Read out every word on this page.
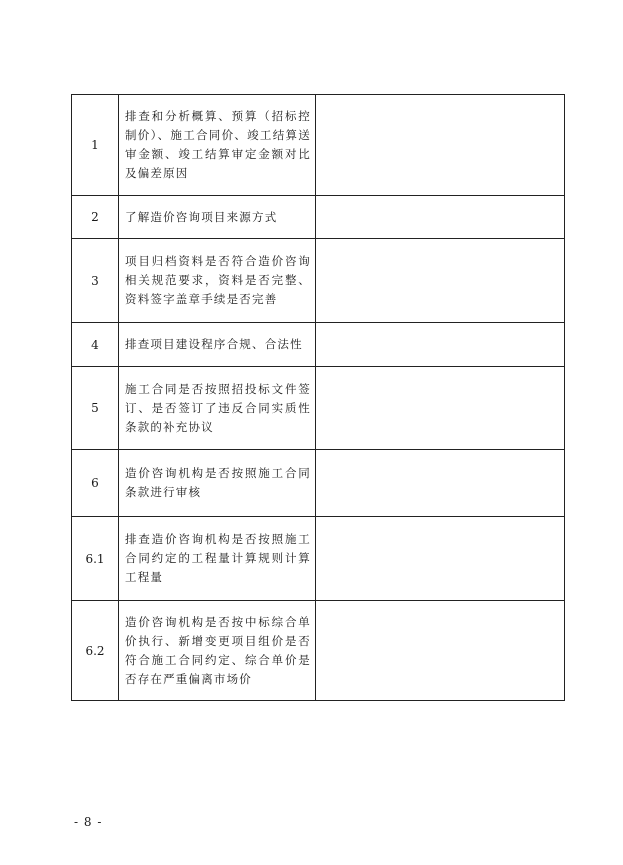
1	排查和分析概算、预算（招标控制价）、施工合同价、竣工结算送审金额、竣工结算审定金额对比及偏差原因	
2	了解造价咨询项目来源方式	
3	项目归档资料是否符合造价咨询相关规范要求，资料是否完整、资料签字盖章手续是否完善	
4	排查项目建设程序合规、合法性	
5	施工合同是否按照招投标文件签订、是否签订了违反合同实质性条款的补充协议	
6	造价咨询机构是否按照施工合同条款进行审核	
6.1	排查造价咨询机构是否按照施工合同约定的工程量计算规则计算工程量	
6.2	造价咨询机构是否按中标综合单价执行、新增变更项目组价是否符合施工合同约定、综合单价是否存在严重偏离市场价	
- 8 -
